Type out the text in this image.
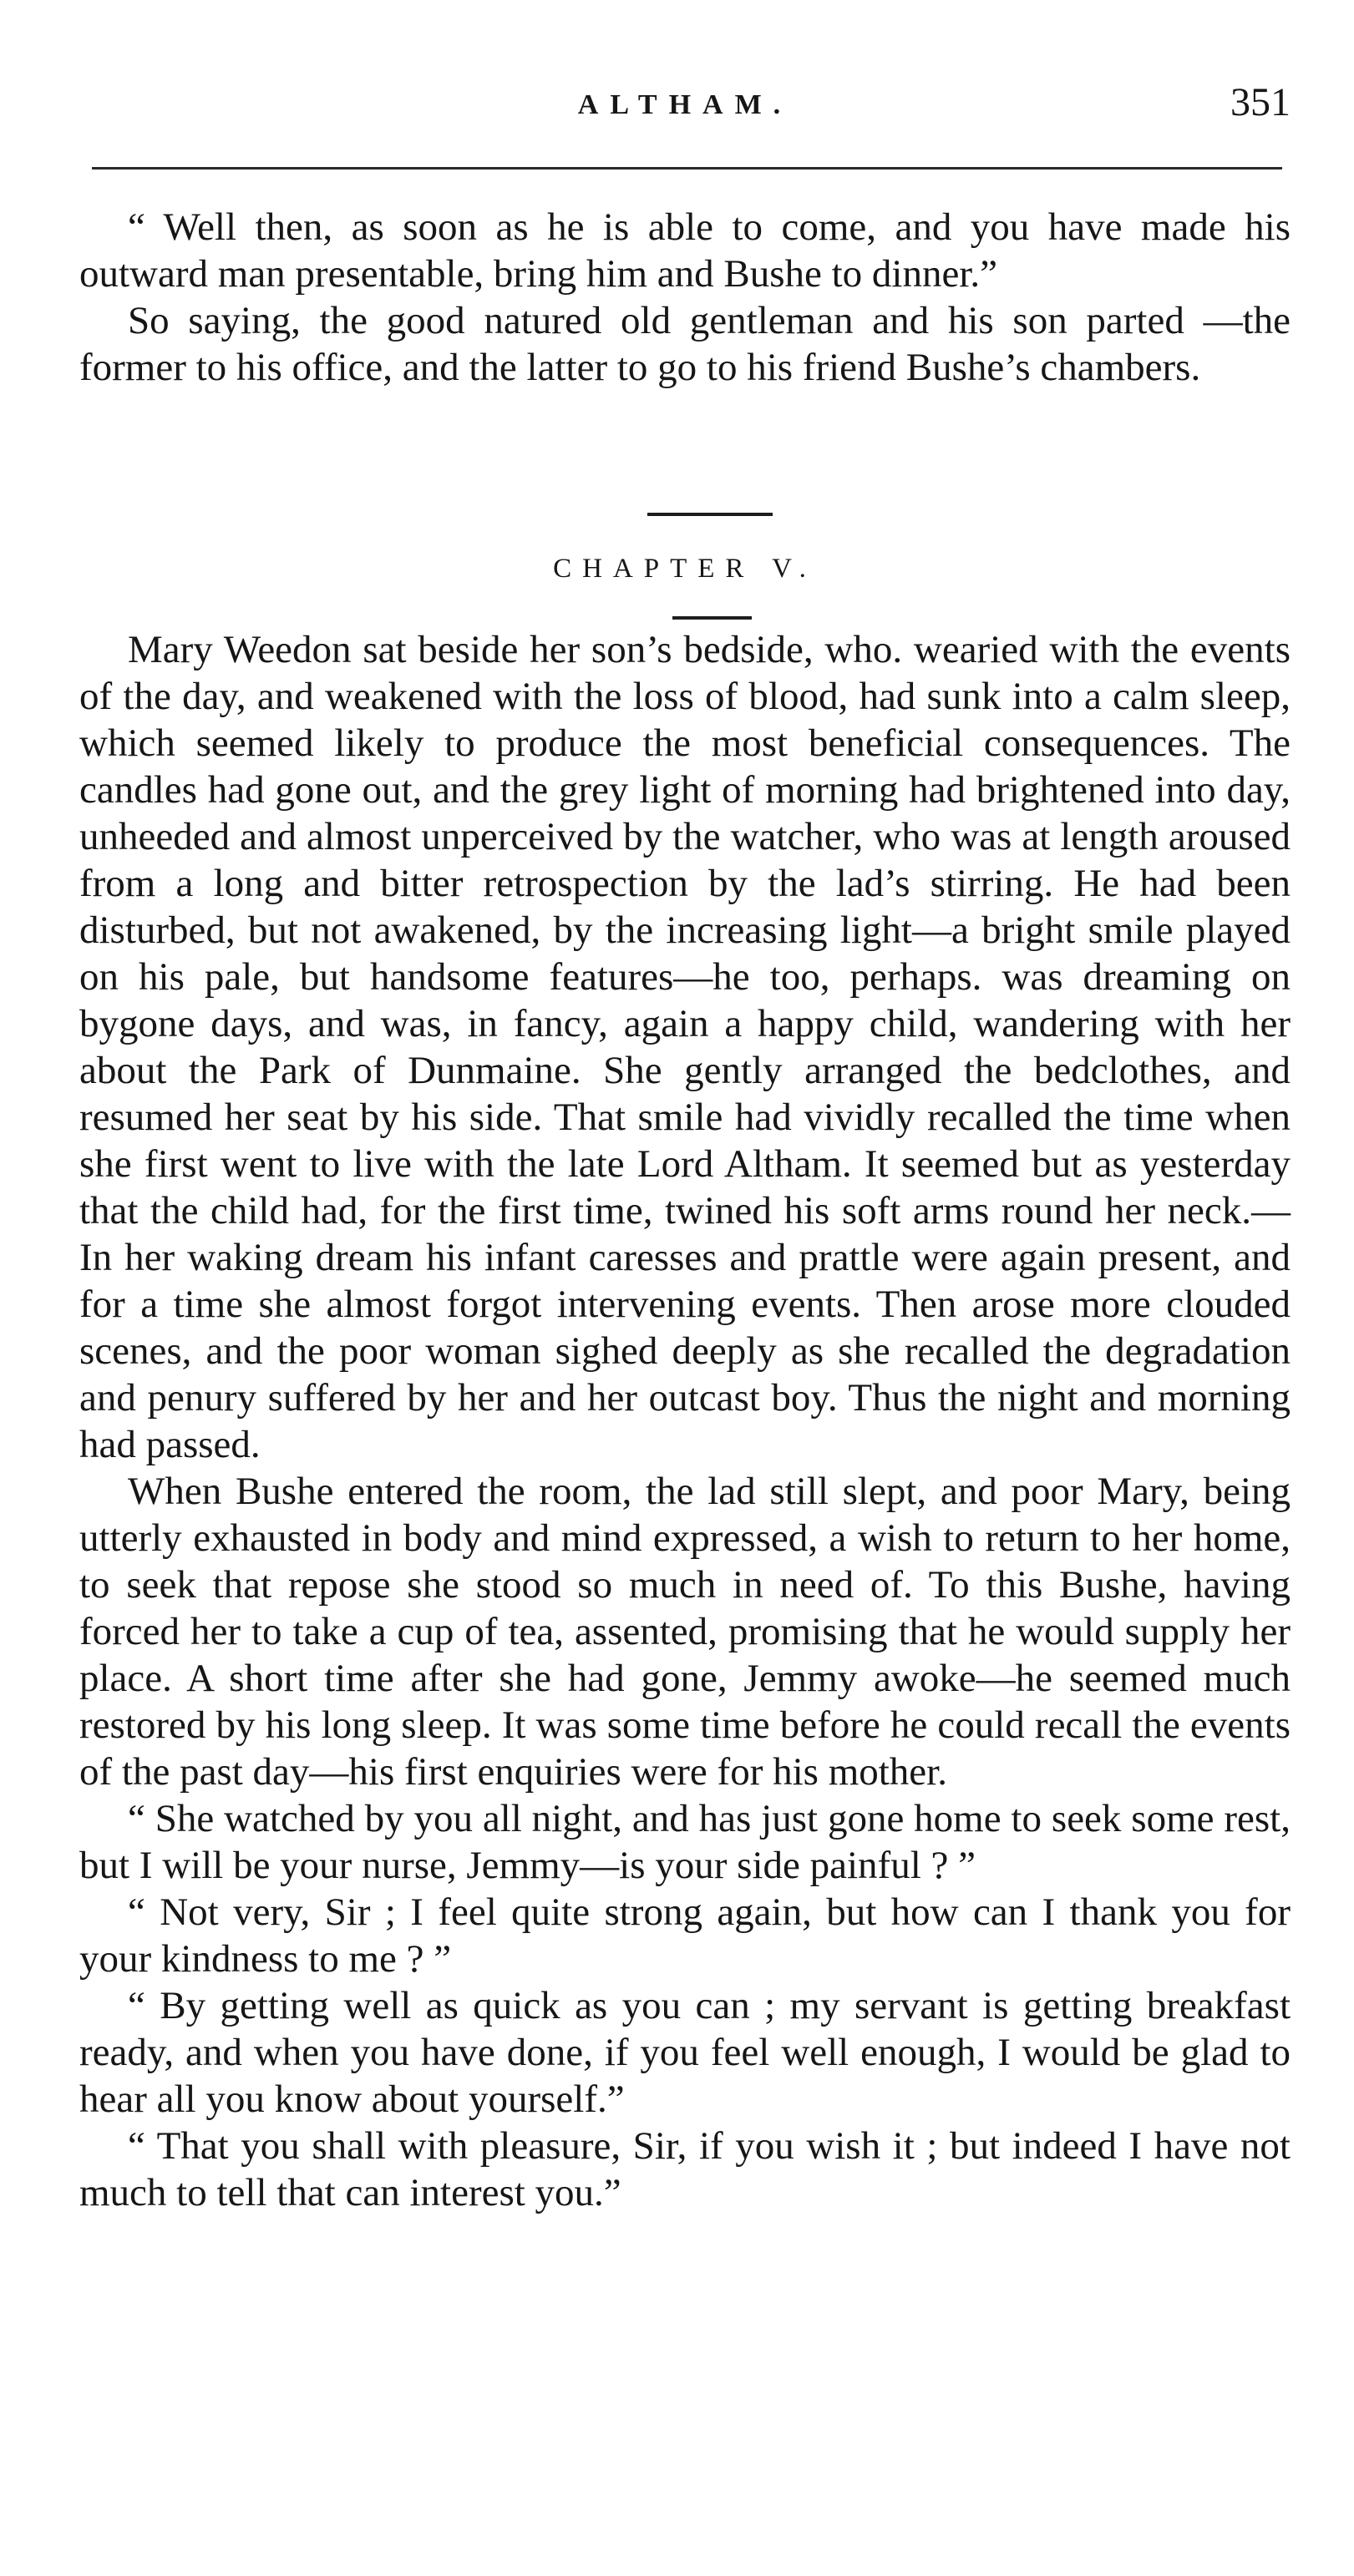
ALTHAM.	351

“ Well then, as soon as he is able to come, and you have made his outward man presentable, bring him and Bushe to dinner.”

So saying, the good natured old gentleman and his son parted —the former to his office, and the latter to go to his friend Bushe’s chambers.

CHAPTER V.

Mary Weedon sat beside her son’s bedside, who. wearied with the events of the day, and weakened with the loss of blood, had sunk into a calm sleep, which seemed likely to produce the most beneficial consequences. The candles had gone out, and the grey light of morning had brightened into day, unheeded and almost unperceived by the watcher, who was at length aroused from a long and bitter retrospection by the lad’s stirring. He had been disturbed, but not awakened, by the increasing light—a bright smile played on his pale, but handsome features—he too, perhaps. was dreaming on bygone days, and was, in fancy, again a happy child, wandering with her about the Park of Dunmaine. She gently arranged the bedclothes, and resumed her seat by his side. That smile had vividly recalled the time when she first went to live with the late Lord Altham. It seemed but as yesterday that the child had, for the first time, twined his soft arms round her neck.—In her waking dream his infant caresses and prattle were again present, and for a time she almost forgot intervening events. Then arose more clouded scenes, and the poor woman sighed deeply as she recalled the degradation and penury suffered by her and her outcast boy. Thus the night and morning had passed.

When Bushe entered the room, the lad still slept, and poor Mary, being utterly exhausted in body and mind expressed, a wish to return to her home, to seek that repose she stood so much in need of. To this Bushe, having forced her to take a cup of tea, assented, promising that he would supply her place. A short time after she had gone, Jemmy awoke—he seemed much restored by his long sleep. It was some time before he could recall the events of the past day—his first enquiries were for his mother.

“ She watched by you all night, and has just gone home to seek some rest, but I will be your nurse, Jemmy—is your side painful ? ”

“ Not very, Sir ; I feel quite strong again, but how can I thank you for your kindness to me ? ”

“ By getting well as quick as you can ; my servant is getting breakfast ready, and when you have done, if you feel well enough, I would be glad to hear all you know about yourself.”

“ That you shall with pleasure, Sir, if you wish it ; but indeed I have not much to tell that can interest you.”
